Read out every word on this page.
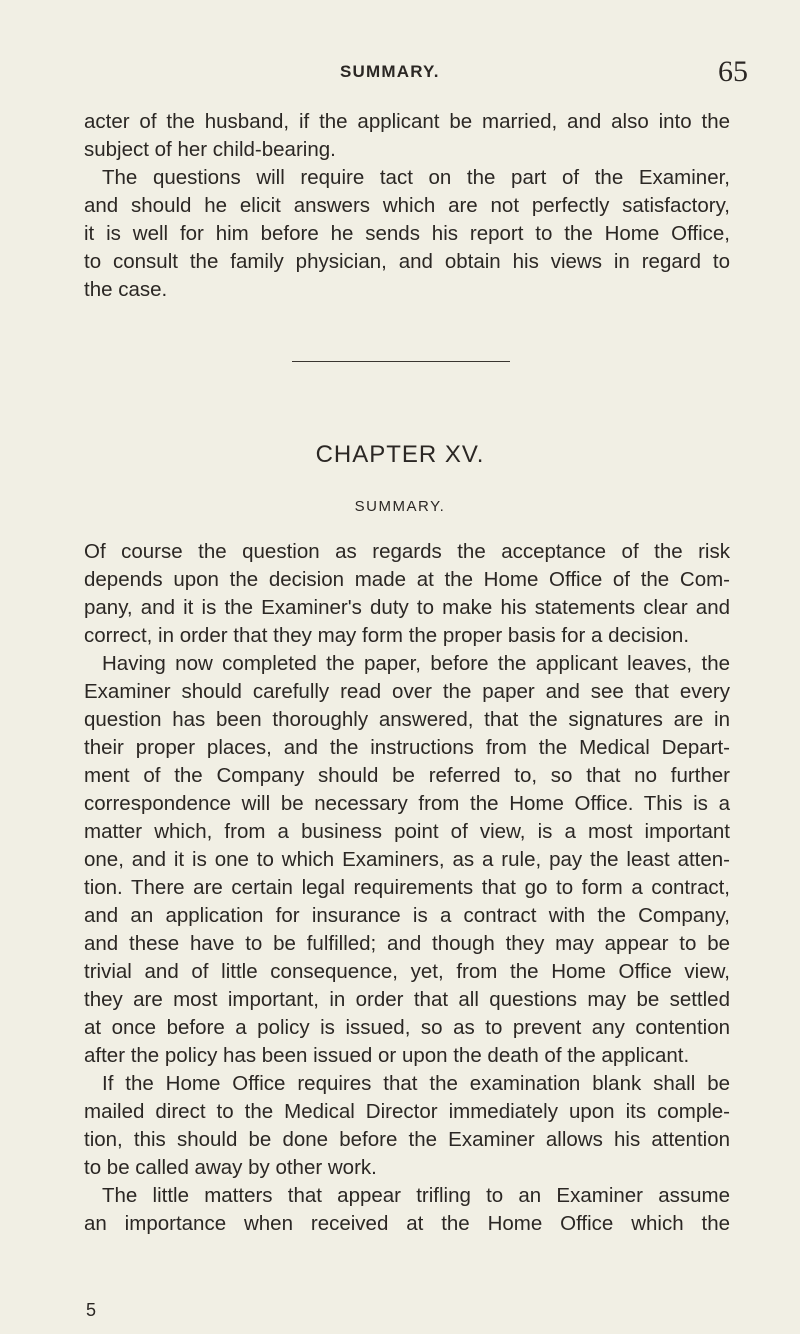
SUMMARY.	65
acter of the husband, if the applicant be married, and also into the
subject of her child-bearing.
The questions will require tact on the part of the Examiner,
and should he elicit answers which are not perfectly satisfactory,
it is well for him before he sends his report to the Home Office,
to consult the family physician, and obtain his views in regard to
the case.
CHAPTER XV.
SUMMARY.
Of course the question as regards the acceptance of the risk
depends upon the decision made at the Home Office of the Com-
pany, and it is the Examiner's duty to make his statements clear and
correct, in order that they may form the proper basis for a decision.
Having now completed the paper, before the applicant leaves, the
Examiner should carefully read over the paper and see that every
question has been thoroughly answered, that the signatures are in
their proper places, and the instructions from the Medical Depart-
ment of the Company should be referred to, so that no further
correspondence will be necessary from the Home Office. This is a
matter which, from a business point of view, is a most important
one, and it is one to which Examiners, as a rule, pay the least atten-
tion. There are certain legal requirements that go to form a contract,
and an application for insurance is a contract with the Company,
and these have to be fulfilled; and though they may appear to be
trivial and of little consequence, yet, from the Home Office view,
they are most important, in order that all questions may be settled
at once before a policy is issued, so as to prevent any contention
after the policy has been issued or upon the death of the applicant.
If the Home Office requires that the examination blank shall be
mailed direct to the Medical Director immediately upon its comple-
tion, this should be done before the Examiner allows his attention
to be called away by other work.
The little matters that appear trifling to an Examiner assume
an importance when received at the Home Office which the
5
